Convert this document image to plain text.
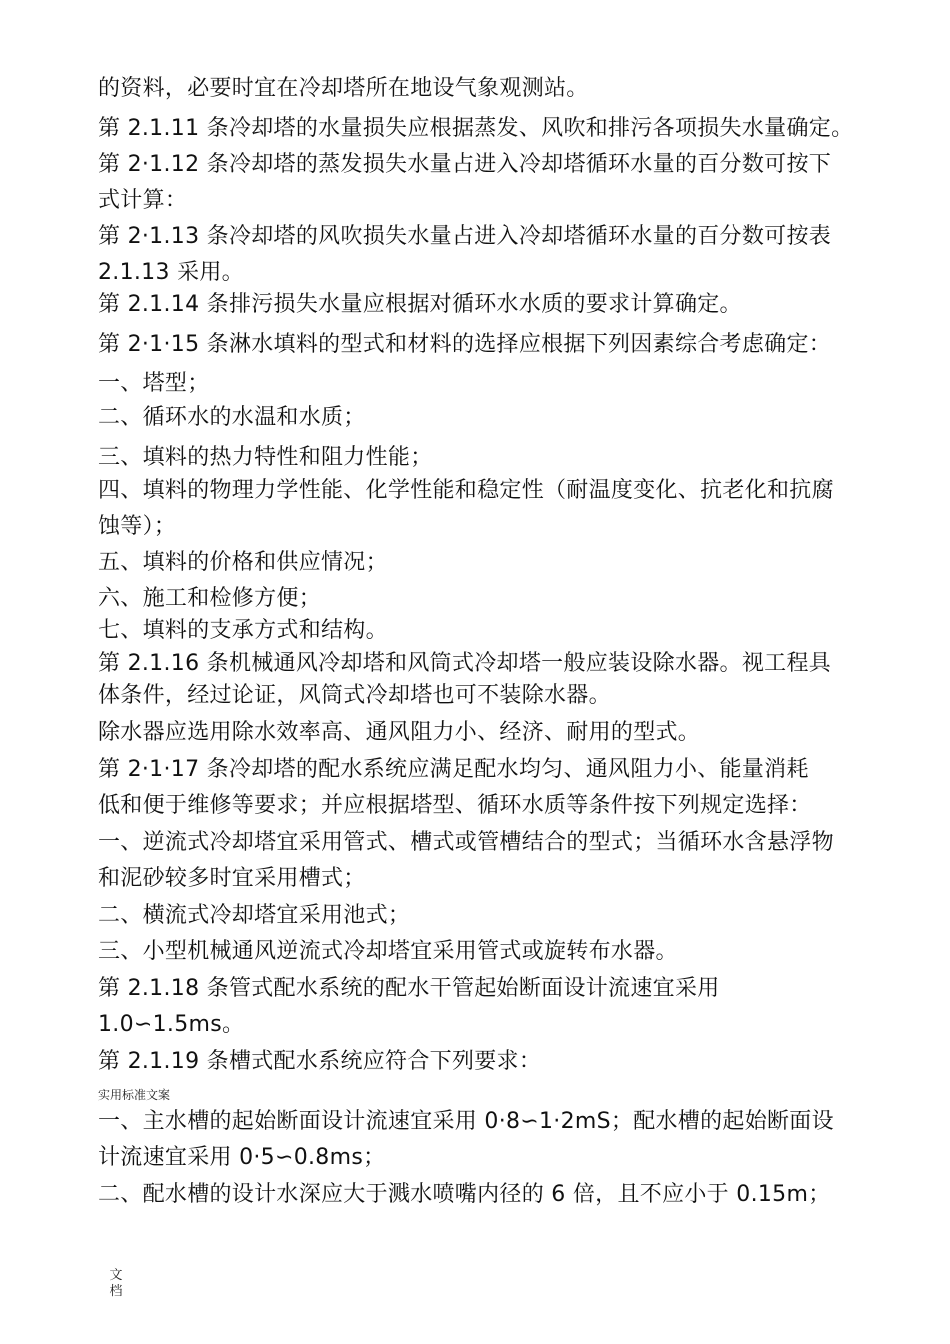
的资料，必要时宜在冷却塔所在地设气象观测站。
第 2.1.11 条冷却塔的水量损失应根据蒸发、风吹和排污各项损失水量确定。
第 2·1.12 条冷却塔的蒸发损失水量占进入冷却塔循环水量的百分数可按下
式计算：
第 2·1.13 条冷却塔的风吹损失水量占进入冷却塔循环水量的百分数可按表
2.1.13 采用。
第 2.1.14 条排污损失水量应根据对循环水水质的要求计算确定。
第 2·1·15 条淋水填料的型式和材料的选择应根据下列因素综合考虑确定：
一、塔型；
二、循环水的水温和水质；
三、填料的热力特性和阻力性能；
四、填料的物理力学性能、化学性能和稳定性（耐温度变化、抗老化和抗腐
蚀等）；
五、填料的价格和供应情况；
六、施工和检修方便；
七、填料的支承方式和结构。
第 2.1.16 条机械通风冷却塔和风筒式冷却塔一般应装设除水器。视工程具
体条件，经过论证，风筒式冷却塔也可不装除水器。
除水器应选用除水效率高、通风阻力小、经济、耐用的型式。
第 2·1·17 条冷却塔的配水系统应满足配水均匀、通风阻力小、能量消耗
低和便于维修等要求；并应根据塔型、循环水质等条件按下列规定选择：
一、逆流式冷却塔宜采用管式、槽式或管槽结合的型式；当循环水含悬浮物
和泥砂较多时宜采用槽式；
二、横流式冷却塔宜采用池式；
三、小型机械通风逆流式冷却塔宜采用管式或旋转布水器。
第 2.1.18 条管式配水系统的配水干管起始断面设计流速宜采用
1.0∽1.5ms。
第 2.1.19 条槽式配水系统应符合下列要求：
实用标准文案
一、主水槽的起始断面设计流速宜采用 0·8∽1·2mS；配水槽的起始断面设
计流速宜采用 0·5∽0.8ms；
二、配水槽的设计水深应大于溅水喷嘴内径的 6 倍，且不应小于 0.15m；
文
档
